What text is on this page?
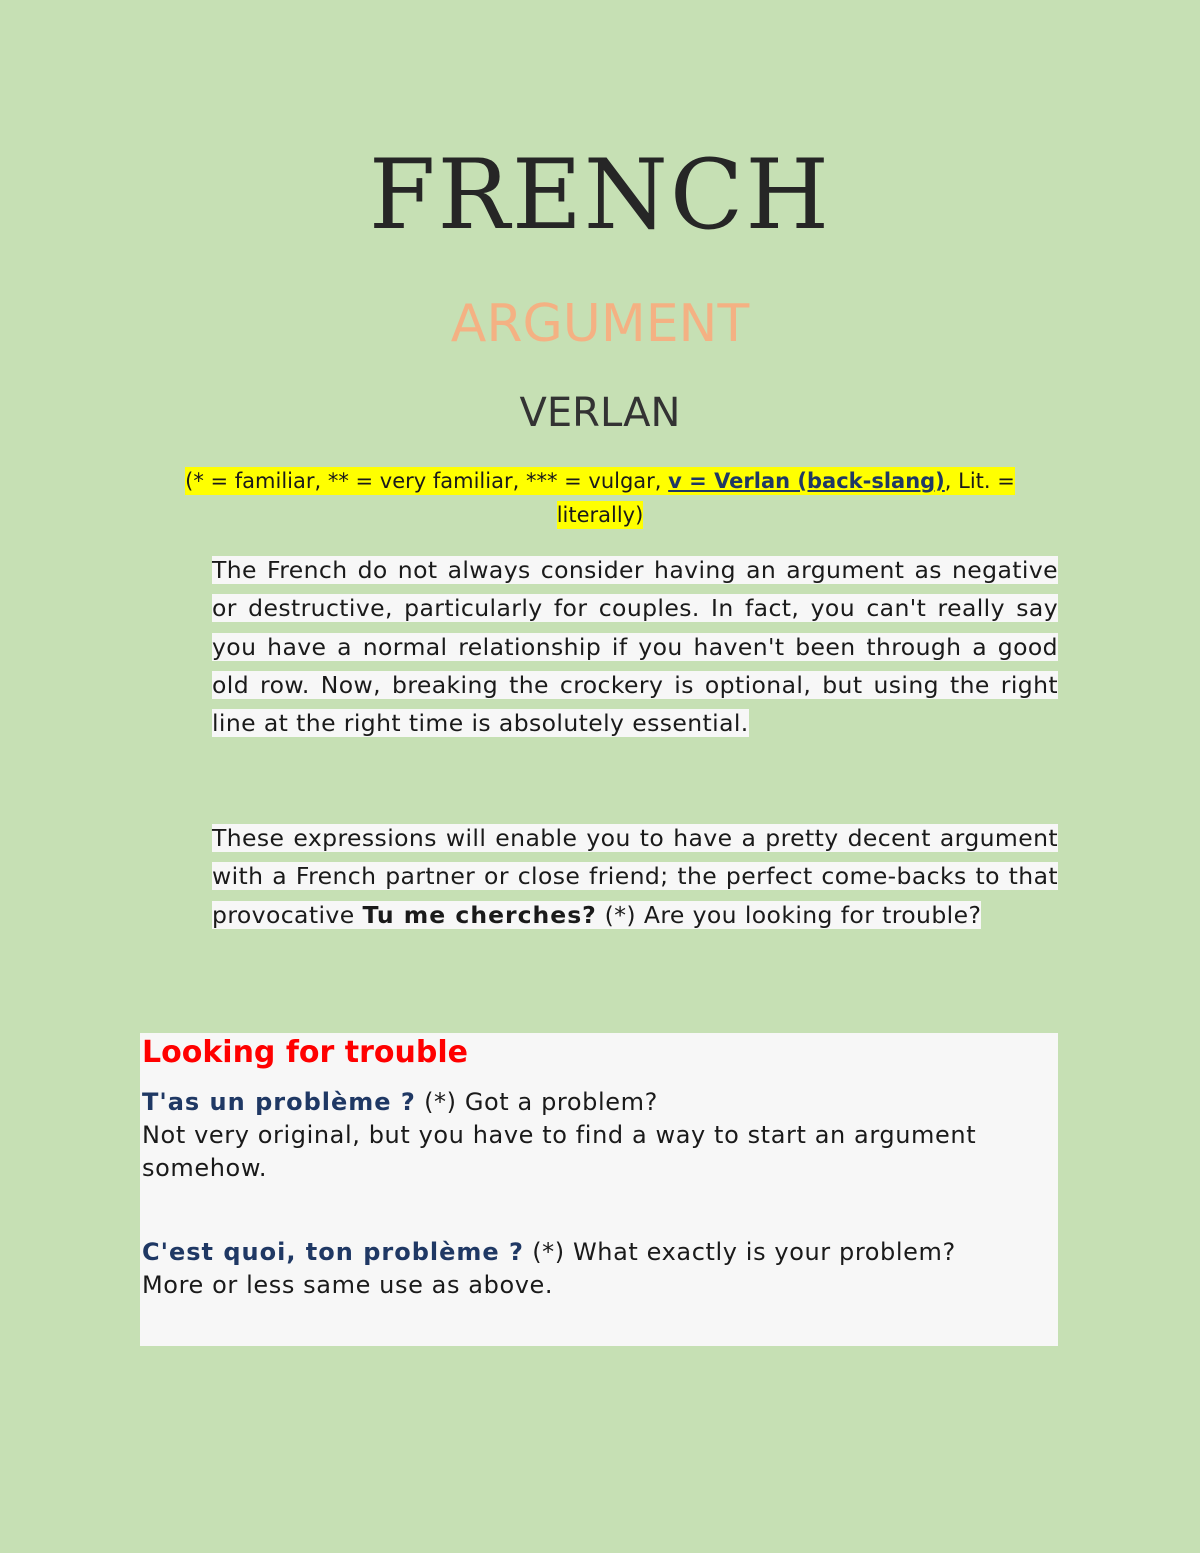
FRENCH
ARGUMENT
VERLAN
(* = familiar, ** = very familiar, *** = vulgar, v = Verlan (back-slang), Lit. = literally)
The French do not always consider having an argument as negative or destructive, particularly for couples. In fact, you can't really say you have a normal relationship if you haven't been through a good old row. Now, breaking the crockery is optional, but using the right line at the right time is absolutely essential.
These expressions will enable you to have a pretty decent argument with a French partner or close friend; the perfect come-backs to that provocative Tu me cherches? (*) Are you looking for trouble?
Looking for trouble
T'as un problème ? (*) Got a problem?
Not very original, but you have to find a way to start an argument somehow.
C'est quoi, ton problème ? (*) What exactly is your problem?
More or less same use as above.
